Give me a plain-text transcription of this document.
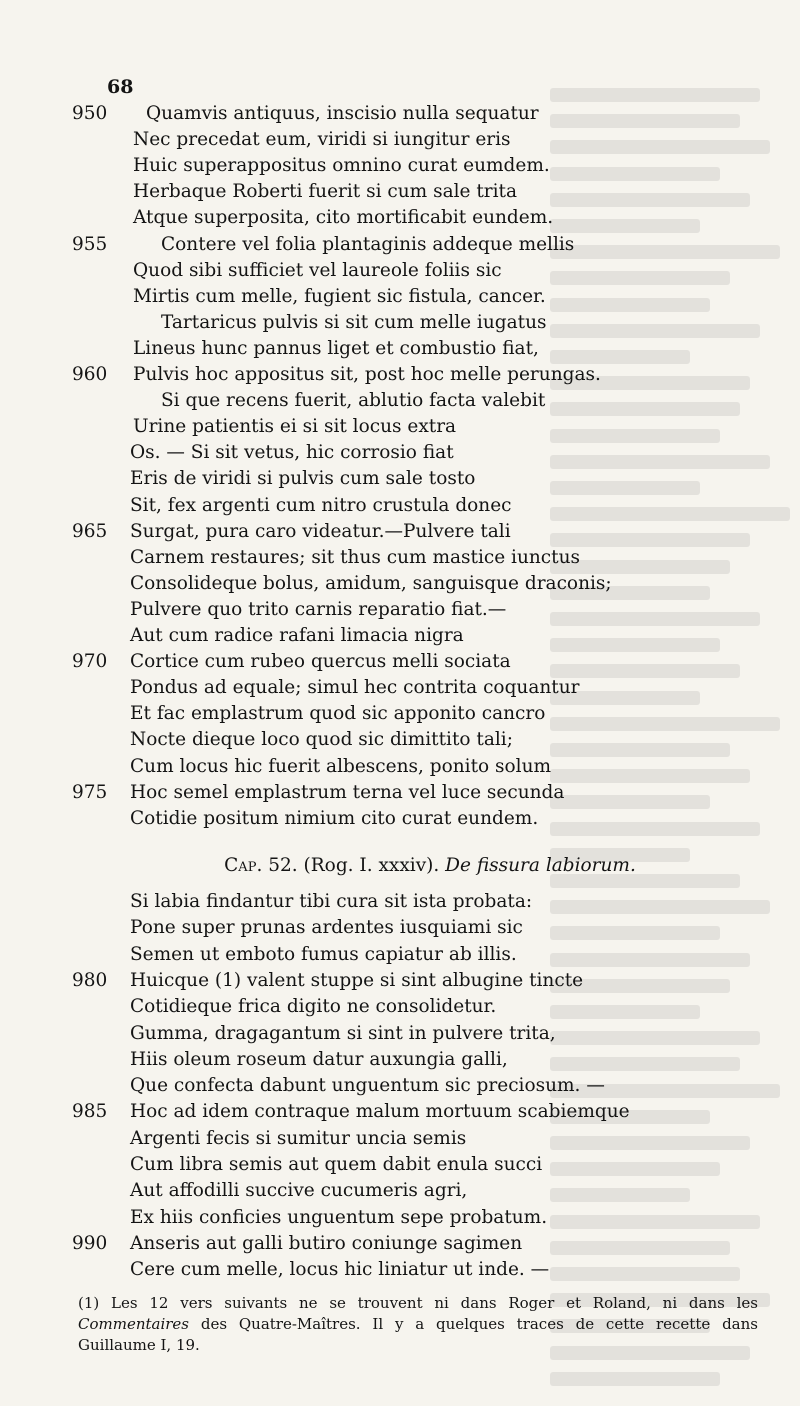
68
950	Quamvis antiquus, inscisio nulla sequatur
Nec precedat eum, viridi si iungitur eris
Huic superappositus omnino curat eumdem.
Herbaque Roberti fuerit si cum sale trita
Atque superposita, cito mortificabit eundem.
955	Contere vel folia plantaginis addeque mellis
Quod sibi sufficiet vel laureole foliis sic
Mirtis cum melle, fugient sic fistula, cancer.
Tartaricus pulvis si sit cum melle iugatus
Lineus hunc pannus liget et combustio fiat,
960	Pulvis hoc appositus sit, post hoc melle perungas.
Si que recens fuerit, ablutio facta valebit
Urine patientis ei si sit locus extra
Os. — Si sit vetus, hic corrosio fiat
Eris de viridi si pulvis cum sale tosto
Sit, fex argenti cum nitro crustula donec
965	Surgat, pura caro videatur.—Pulvere tali
Carnem restaures; sit thus cum mastice iunctus
Consolideque bolus, amidum, sanguisque draconis;
Pulvere quo trito carnis reparatio fiat.—
Aut cum radice rafani limacia nigra
970	Cortice cum rubeo quercus melli sociata
Pondus ad equale; simul hec contrita coquantur
Et fac emplastrum quod sic apponito cancro
Nocte dieque loco quod sic dimittito tali;
Cum locus hic fuerit albescens, ponito solum
975	Hoc semel emplastrum terna vel luce secunda
Cotidie positum nimium cito curat eundem.
Cap. 52. (Rog. I. xxxiv). De fissura labiorum.
Si labia findantur tibi cura sit ista probata:
Pone super prunas ardentes iusquiami sic
Semen ut emboto fumus capiatur ab illis.
980	Huicque (1) valent stuppe si sint albugine tincte
Cotidieque frica digito ne consolidetur.
Gumma, dragagantum si sint in pulvere trita,
Hiis oleum roseum datur auxungia galli,
Que confecta dabunt unguentum sic preciosum. —
985	Hoc ad idem contraque malum mortuum scabiemque
Argenti fecis si sumitur uncia semis
Cum libra semis aut quem dabit enula succi
Aut affodilli succive cucumeris agri,
Ex hiis conficies unguentum sepe probatum.
990	Anseris aut galli butiro coniunge sagimen
Cere cum melle, locus hic liniatur ut inde. —
(1) Les 12 vers suivants ne se trouvent ni dans Roger et Roland, ni dans les Commentaires des Quatre-Maîtres. Il y a quelques traces de cette recette dans Guillaume I, 19.
